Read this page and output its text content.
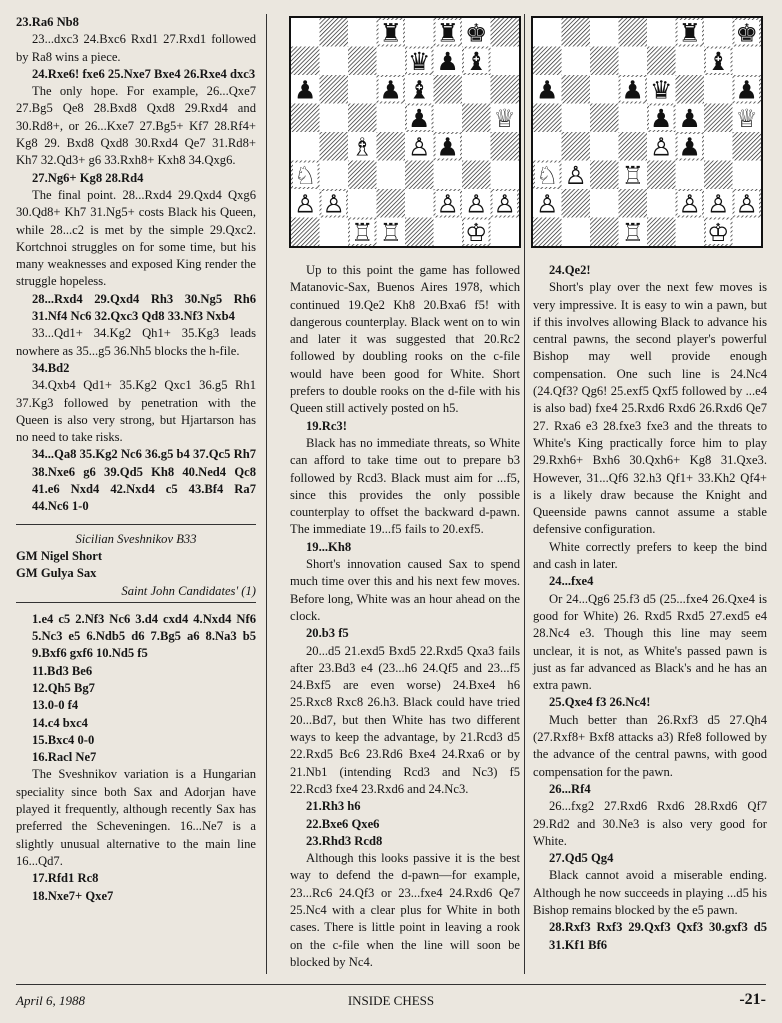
23.Ra6 Nb8

23...dxc3 24.Bxc6 Rxd1 27.Rxd1 followed by Ra8 wins a piece.

24.Rxe6! fxe6 25.Nxe7 Bxe4 26.Rxe4 dxc3

The only hope. For example, 26...Qxe7 27.Bg5 Qe8 28.Bxd8 Qxd8 29.Rxd4 and 30.Rd8+, or 26...Kxe7 27.Bg5+ Kf7 28.Rf4+ Kg8 29. Bxd8 Qxd8 30.Rxd4 Qe7 31.Rd8+ Kh7 32.Qd3+ g6 33.Rxh8+ Kxh8 34.Qxg6.

27.Ng6+ Kg8 28.Rd4

The final point. 28...Rxd4 29.Qxd4 Qxg6 30.Qd8+ Kh7 31.Ng5+ costs Black his Queen, while 28...c2 is met by the simple 29.Qxc2. Kortchnoi struggles on for some time, but his many weaknesses and exposed King render the struggle hopeless.

28...Rxd4 29.Qxd4 Rh3 30.Ng5 Rh6 31.Nf4 Nc6 32.Qxc3 Qd8 33.Nf3 Nxb4

33...Qd1+ 34.Kg2 Qh1+ 35.Kg3 leads nowhere as 35...g5 36.Nh5 blocks the h-file.

34.Bd2

34.Qxb4 Qd1+ 35.Kg2 Qxc1 36.g5 Rh1 37.Kg3 followed by penetration with the Queen is also very strong, but Hjartarson has no need to take risks.

34...Qa8 35.Kg2 Nc6 36.g5 b4 37.Qc5 Rh7 38.Nxe6 g6 39.Qd5 Kh8 40.Ned4 Qc8 41.e6 Nxd4 42.Nxd4 c5 43.Bf4 Ra7 44.Nc6 1-0

Sicilian Sveshnikov B33

GM Nigel Short

GM Gulya Sax

Saint John Candidates' (1)

1.e4 c5 2.Nf3 Nc6 3.d4 cxd4 4.Nxd4 Nf6 5.Nc3 e5 6.Ndb5 d6 7.Bg5 a6 8.Na3 b5 9.Bxf6 gxf6 10.Nd5 f5

11.Bd3 Be6

12.Qh5 Bg7

13.0-0 f4

14.c4 bxc4

15.Bxc4 0-0

16.Racl Ne7

The Sveshnikov variation is a Hungarian speciality since both Sax and Adorjan have played it frequently, although recently Sax has preferred the Scheveningen. 16...Ne7 is a slightly unusual alternative to the main line 16...Qd7.

17.Rfd1 Rc8

18.Nxe7+ Qxe7

♜ ♜ ♚
♛ ♟ ♝
♟	♟ ♝
♟	♕
♗ ♙ ♟
♘
♙ ♙	♙ ♙ ♙
♖ ♖	♔

Up to this point the game has followed Matanovic-Sax, Buenos Aires 1978, which continued 19.Qe2 Kh8 20.Bxa6 f5! with dangerous counterplay. Black went on to win and later it was suggested that 20.Rc2 followed by doubling rooks on the c-file would have been good for White. Short prefers to double rooks on the d-file with his Queen still actively posted on h5.

19.Rc3!

Black has no immediate threats, so White can afford to take time out to prepare b3 followed by Rcd3. Black must aim for ...f5, since this provides the only possible counterplay to offset the backward d-pawn. The immediate 19...f5 fails to 20.exf5.

19...Kh8

Short's innovation caused Sax to spend much time over this and his next few moves. Before long, White was an hour ahead on the clock.

20.b3 f5

20...d5 21.exd5 Bxd5 22.Rxd5 Qxa3 fails after 23.Bd3 e4 (23...h6 24.Qf5 and 23...f5 24.Bxf5 are even worse) 24.Bxe4 h6 25.Rxc8 Rxc8 26.h3. Black could have tried 20...Bd7, but then White has two different ways to keep the advantage, by 21.Rcd3 d5 22.Rxd5 Bc6 23.Rd6 Bxe4 24.Rxa6 or by 21.Nb1 (intending Rcd3 and Nc3) f5 22.Rcd3 fxe4 23.Rxd6 and 24.Nc3.

21.Rh3 h6

22.Bxe6 Qxe6

23.Rhd3 Rcd8

Although this looks passive it is the best way to defend the d-pawn—for example, 23...Rc6 24.Qf3 or 23...fxe4 24.Rxd6 Qe7 25.Nc4 with a clear plus for White in both cases. There is little point in leaving a rook on the c-file when the line will soon be blocked by Nc4.

♜ ♚
♝
♟	♟ ♛	♟
♟ ♟ ♕
♙ ♟
♘ ♙ ♖
♙	♙ ♙ ♙
♖	♔

24.Qe2!

Short's play over the next few moves is very impressive. It is easy to win a pawn, but if this involves allowing Black to advance his central pawns, the second player's powerful Bishop may well provide enough compensation. One such line is 24.Nc4 (24.Qf3? Qg6! 25.exf5 Qxf5 followed by ...e4 is also bad) fxe4 25.Rxd6 Rxd6 26.Rxd6 Qe7 27. Rxa6 e3 28.fxe3 fxe3 and the threats to White's King practically force him to play 29.Rxh6+ Bxh6 30.Qxh6+ Kg8 31.Qxe3. However, 31...Qf6 32.h3 Qf1+ 33.Kh2 Qf4+ is a likely draw because the Knight and Queenside pawns cannot assume a stable defensive configuration.

White correctly prefers to keep the bind and cash in later.

24...fxe4

Or 24...Qg6 25.f3 d5 (25...fxe4 26.Qxe4 is good for White) 26. Rxd5 Rxd5 27.exd5 e4 28.Nc4 e3. Though this line may seem unclear, it is not, as White's passed pawn is just as far advanced as Black's and he has an extra pawn.

25.Qxe4 f3 26.Nc4!

Much better than 26.Rxf3 d5 27.Qh4 (27.Rxf8+ Bxf8 attacks a3) Rfe8 followed by the advance of the central pawns, with good compensation for the pawn.

26...Rf4

26...fxg2 27.Rxd6 Rxd6 28.Rxd6 Qf7 29.Rd2 and 30.Ne3 is also very good for White.

27.Qd5 Qg4

Black cannot avoid a miserable ending. Although he now succeeds in playing ...d5 his Bishop remains blocked by the e5 pawn.

28.Rxf3 Rxf3 29.Qxf3 Qxf3 30.gxf3 d5 31.Kf1 Bf6

April 6, 1988	INSIDE CHESS	-21-
